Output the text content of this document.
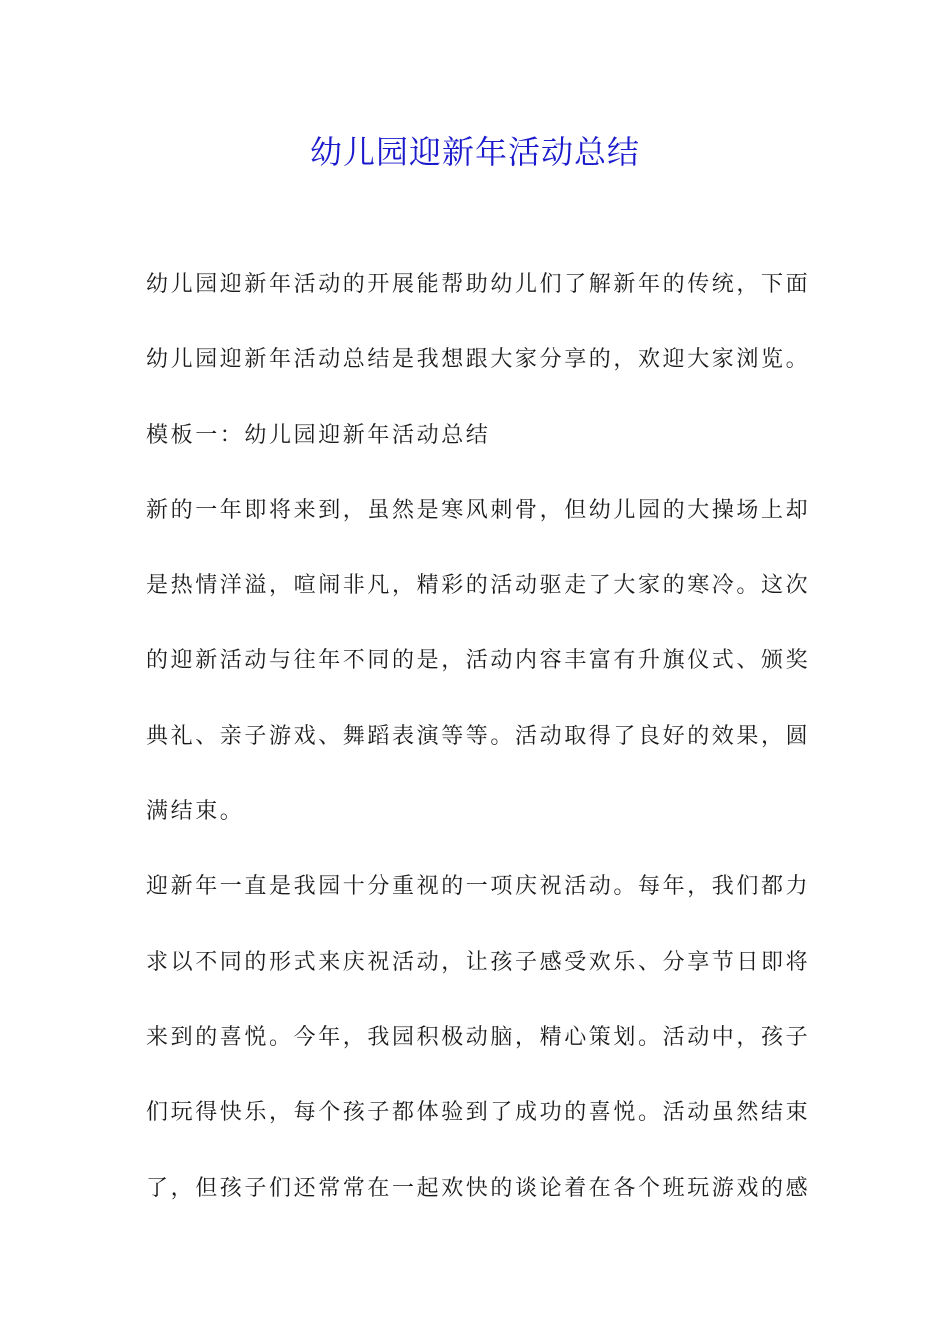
幼儿园迎新年活动总结

幼儿园迎新年活动的开展能帮助幼儿们了解新年的传统，下面
幼儿园迎新年活动总结是我想跟大家分享的，欢迎大家浏览。

模板一：幼儿园迎新年活动总结

新的一年即将来到，虽然是寒风刺骨，但幼儿园的大操场上却
是热情洋溢，喧闹非凡，精彩的活动驱走了大家的寒冷。这次
的迎新活动与往年不同的是，活动内容丰富有升旗仪式、颁奖
典礼、亲子游戏、舞蹈表演等等。活动取得了良好的效果，圆
满结束。

迎新年一直是我园十分重视的一项庆祝活动。每年，我们都力
求以不同的形式来庆祝活动，让孩子感受欢乐、分享节日即将
来到的喜悦。今年，我园积极动脑，精心策划。活动中，孩子
们玩得快乐，每个孩子都体验到了成功的喜悦。活动虽然结束
了，但孩子们还常常在一起欢快的谈论着在各个班玩游戏的感
